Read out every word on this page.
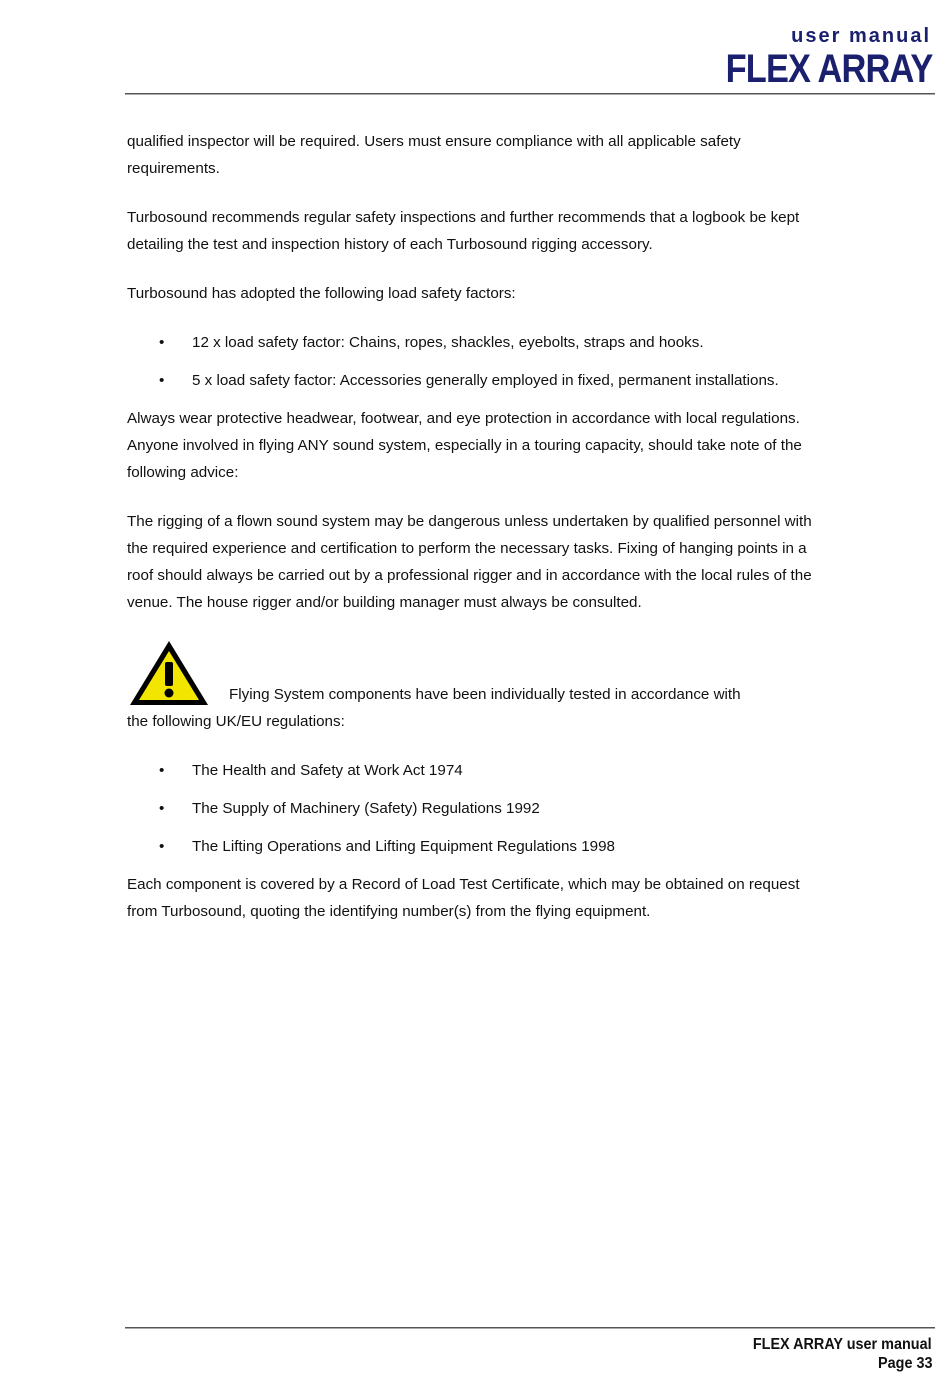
user manual
FLEX ARRAY

qualified inspector will be required. Users must ensure compliance with all applicable safety requirements.

Turbosound recommends regular safety inspections and further recommends that a logbook be kept detailing the test and inspection history of each Turbosound rigging accessory.

Turbosound has adopted the following load safety factors:

• 12 x load safety factor: Chains, ropes, shackles, eyebolts, straps and hooks.
• 5 x load safety factor: Accessories generally employed in fixed, permanent installations.

Always wear protective headwear, footwear, and eye protection in accordance with local regulations. Anyone involved in flying ANY sound system, especially in a touring capacity, should take note of the following advice:

The rigging of a flown sound system may be dangerous unless undertaken by qualified personnel with the required experience and certification to perform the necessary tasks. Fixing of hanging points in a roof should always be carried out by a professional rigger and in accordance with the local rules of the venue. The house rigger and/or building manager must always be consulted.

Flying System components have been individually tested in accordance with
the following UK/EU regulations:
• The Health and Safety at Work Act 1974
• The Supply of Machinery (Safety) Regulations 1992
• The Lifting Operations and Lifting Equipment Regulations 1998

Each component is covered by a Record of Load Test Certificate, which may be obtained on request from Turbosound, quoting the identifying number(s) from the flying equipment.

FLEX ARRAY user manual
Page 33
